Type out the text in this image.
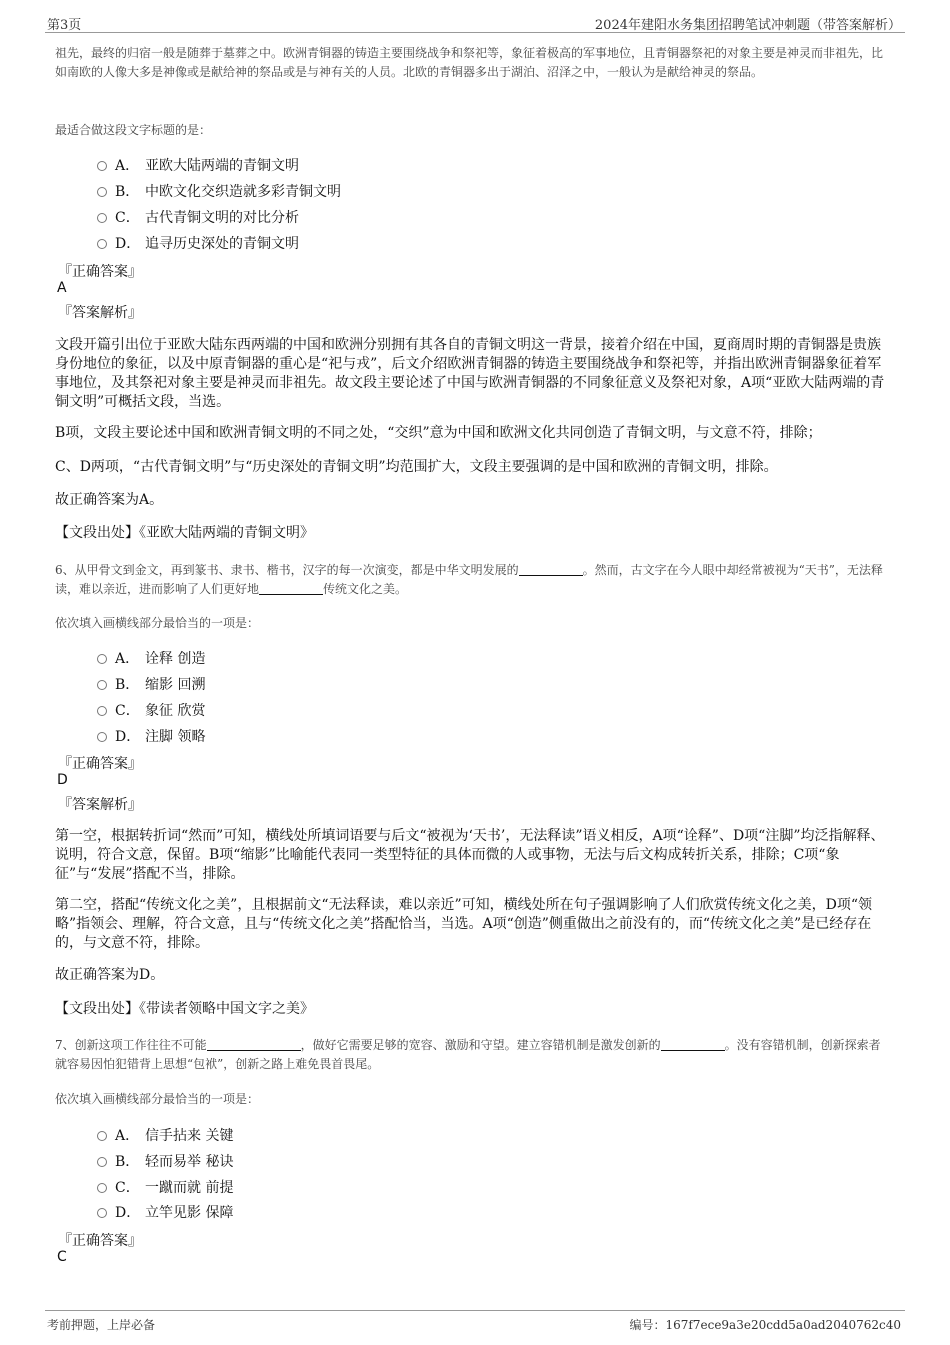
第3页	2024年建阳水务集团招聘笔试冲刺题（带答案解析）
祖先，最终的归宿一般是随葬于墓葬之中。欧洲青铜器的铸造主要围绕战争和祭祀等，象征着极高的军事地位，且青铜器祭祀的对象主要是神灵而非祖先，比如南欧的人像大多是神像或是献给神的祭品或是与神有关的人员。北欧的青铜器多出于湖泊、沼泽之中，一般认为是献给神灵的祭品。
最适合做这段文字标题的是：
A． 亚欧大陆两端的青铜文明
B． 中欧文化交织造就多彩青铜文明
C． 古代青铜文明的对比分析
D． 追寻历史深处的青铜文明
『正确答案』
A
『答案解析』
文段开篇引出位于亚欧大陆东西两端的中国和欧洲分别拥有其各自的青铜文明这一背景，接着介绍在中国，夏商周时期的青铜器是贵族身份地位的象征，以及中原青铜器的重心是“祀与戎”，后文介绍欧洲青铜器的铸造主要围绕战争和祭祀等，并指出欧洲青铜器象征着军事地位，及其祭祀对象主要是神灵而非祖先。故文段主要论述了中国与欧洲青铜器的不同象征意义及祭祀对象，A项“亚欧大陆两端的青铜文明”可概括文段，当选。
B项，文段主要论述中国和欧洲青铜文明的不同之处，“交织”意为中国和欧洲文化共同创造了青铜文明，与文意不符，排除；
C、D两项，“古代青铜文明”与“历史深处的青铜文明”均范围扩大，文段主要强调的是中国和欧洲的青铜文明，排除。
故正确答案为A。
【文段出处】《亚欧大陆两端的青铜文明》
6、从甲骨文到金文，再到篆书、隶书、楷书，汉字的每一次演变，都是中华文明发展的	。然而，古文字在今人眼中却经常被视为“天书”，无法释读，难以亲近，进而影响了人们更好地	传统文化之美。
依次填入画横线部分最恰当的一项是：
A． 诠释 创造
B． 缩影 回溯
C． 象征 欣赏
D． 注脚 领略
『正确答案』
D
『答案解析』
第一空，根据转折词“然而”可知，横线处所填词语要与后文“被视为‘天书’，无法释读”语义相反，A项“诠释”、D项“注脚”均泛指解释、说明，符合文意，保留。B项“缩影”比喻能代表同一类型特征的具体而微的人或事物，无法与后文构成转折关系，排除；C项“象征”与“发展”搭配不当，排除。
第二空，搭配“传统文化之美”，且根据前文“无法释读，难以亲近”可知，横线处所在句子强调影响了人们欣赏传统文化之美，D项“领略”指领会、理解，符合文意，且与“传统文化之美”搭配恰当，当选。A项“创造”侧重做出之前没有的，而“传统文化之美”是已经存在的，与文意不符，排除。
故正确答案为D。
【文段出处】《带读者领略中国文字之美》
7、创新这项工作往往不可能	，做好它需要足够的宽容、激励和守望。建立容错机制是激发创新的	。没有容错机制，创新探索者就容易因怕犯错背上思想“包袱”，创新之路上难免畏首畏尾。
依次填入画横线部分最恰当的一项是：
A． 信手拈来 关键
B． 轻而易举 秘诀
C． 一蹴而就 前提
D． 立竿见影 保障
『正确答案』
C
考前押题，上岸必备	编号：167f7ece9a3e20cdd5a0ad2040762c40
